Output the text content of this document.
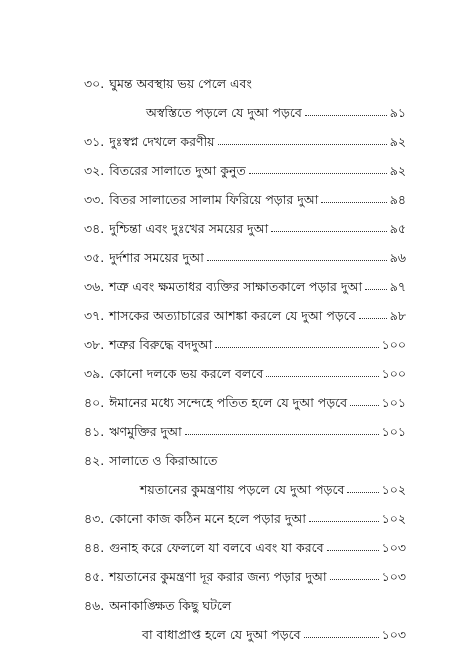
৩০. ঘুমন্ত অবস্থায় ভয় পেলে এবং
অস্বস্তিতে পড়লে যে দুআ পড়বে	৯১
৩১. দুঃস্বপ্ন দেখলে করণীয়	৯২
৩২. বিতরের সালাতে দুআ কুনুত	৯২
৩৩. বিতর সালাতের সালাম ফিরিয়ে পড়ার দুআ	৯৪
৩৪. দুশ্চিন্তা এবং দুঃখের সময়ের দুআ	৯৫
৩৫. দুর্দশার সময়ের দুআ	৯৬
৩৬. শত্রু এবং ক্ষমতাধর ব্যক্তির সাক্ষাতকালে পড়ার দুআ ৯৭
৩৭. শাসকের অত্যাচারের আশঙ্কা করলে যে দুআ পড়বে	৯৮
৩৮. শত্রুর বিরুদ্ধে বদদুআ	১০০
৩৯. কোনো দলকে ভয় করলে বলবে	১০০
৪০. ঈমানের মধ্যে সন্দেহে পতিত হলে যে দুআ পড়বে	১০১
৪১. ঋণমুক্তির দুআ	১০১
৪২. সালাতে ও কিরাআতে
শয়তানের কুমন্ত্রণায় পড়লে যে দুআ পড়বে	১০২
৪৩. কোনো কাজ কঠিন মনে হলে পড়ার দুআ	১০২
৪৪. গুনাহ করে ফেললে যা বলবে এবং যা করবে	১০৩
৪৫. শয়তানের কুমন্ত্রণা দূর করার জন্য পড়ার দুআ	১০৩
৪৬. অনাকাঙ্ক্ষিত কিছু ঘটলে
বা বাধাপ্রাপ্ত হলে যে দুআ পড়বে	১০৩
